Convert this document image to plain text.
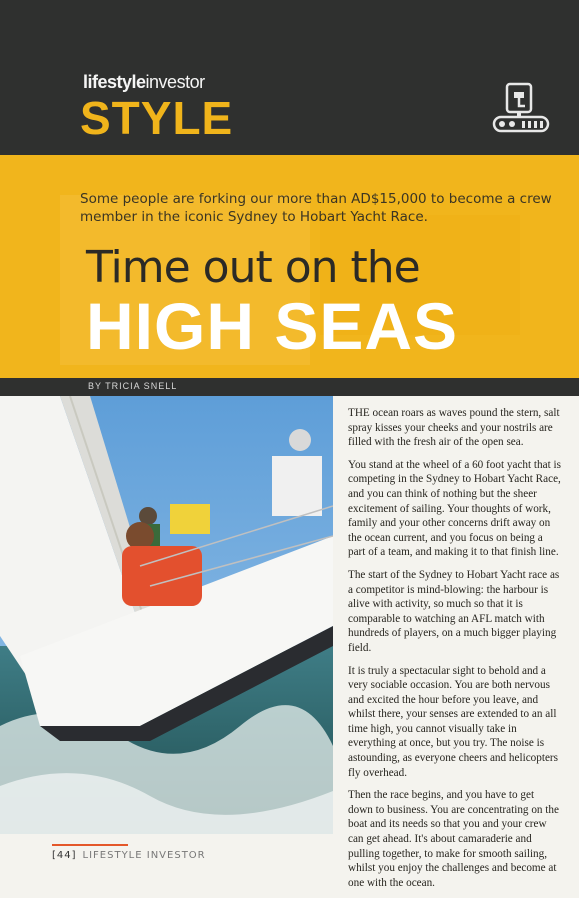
lifestyleinvestor
STYLE
Some people are forking our more than AD$15,000 to become a crew member in the iconic Sydney to Hobart Yacht Race.
Time out on the
HIGH SEAS
BY TRICIA SNELL

THE ocean roars as waves pound the stern, salt spray kisses your cheeks and your nostrils are filled with the fresh air of the open sea.

You stand at the wheel of a 60 foot yacht that is competing in the Sydney to Hobart Yacht Race, and you can think of nothing but the sheer excitement of sailing. Your thoughts of work, family and your other concerns drift away on the ocean current, and you focus on being a part of a team, and making it to that finish line.

The start of the Sydney to Hobart Yacht race as a competitor is mind-blowing: the harbour is alive with activity, so much so that it is comparable to watching an AFL match with hundreds of players, on a much bigger playing field.

It is truly a spectacular sight to behold and a very sociable occasion. You are both nervous and excited the hour before you leave, and whilst there, your senses are extended to an all time high, you cannot visually take in everything at once, but you try. The noise is astounding, as everyone cheers and helicopters fly overhead.

Then the race begins, and you have to get down to business. You are concentrating on the boat and its needs so that you and your crew can get ahead. It's about camaraderie and pulling together, to make for smooth sailing, whilst you enjoy the challenges and become at one with the ocean.

[44] LIFESTYLE INVESTOR
